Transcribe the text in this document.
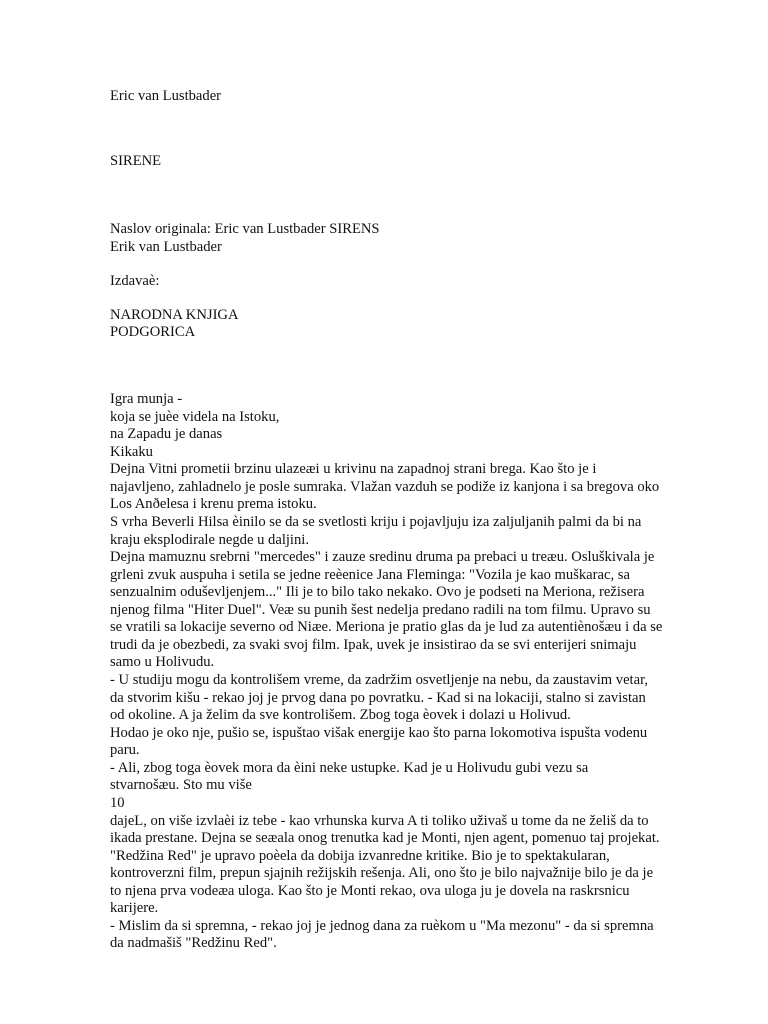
Eric van Lustbader
SIRENE
Naslov originala: Eric van Lustbader SIRENS
Erik van Lustbader
Izdavaè:
NARODNA KNJIGA
PODGORICA
Igra munja -
koja se juèe videla na Istoku,
na Zapadu je danas
Kikaku
Dejna Vitni prometii brzinu ulazeæi u krivinu na zapadnoj strani brega. Kao što je i
najavljeno, zahladnelo je posle sumraka. Vlažan vazduh se podiže iz kanjona i sa bregova oko
Los Anðelesa i krenu prema istoku.
S vrha Beverli Hilsa èinilo se da se svetlosti kriju i pojavljuju iza zaljuljanih palmi da bi na
kraju eksplodirale negde u daljini.
Dejna mamuznu srebrni "mercedes" i zauze sredinu druma pa prebaci u treæu. Osluškivala je
grleni zvuk auspuha i setila se jedne reèenice Jana Fleminga: "Vozila je kao muškarac, sa
senzualnim oduševljenjem..." Ili je to bilo tako nekako. Ovo je podseti na Meriona, režisera
njenog filma "Hiter Duel". Veæ su punih šest nedelja predano radili na tom filmu. Upravo su
se vratili sa lokacije severno od Niæe. Meriona je pratio glas da je lud za autentiènošæu i da se
trudi da je obezbedi, za svaki svoj film. Ipak, uvek je insistirao da se svi enterijeri snimaju
samo u Holivudu.
- U studiju mogu da kontrolišem vreme, da zadržim osvetljenje na nebu, da zaustavim vetar,
da stvorim kišu - rekao joj je prvog dana po povratku. - Kad si na lokaciji, stalno si zavistan
od okoline. A ja želim da sve kontrolišem. Zbog toga èovek i dolazi u Holivud.
Hodao je oko nje, pušio se, ispuštao višak energije kao što parna lokomotiva ispušta vodenu
paru.
- Ali, zbog toga èovek mora da èini neke ustupke. Kad je u Holivudu gubi vezu sa
stvarnošæu. Sto mu više
10
dajeL, on više izvlaèi iz tebe - kao vrhunska kurva A ti toliko uživaš u tome da ne želiš da to
ikada prestane. Dejna se seæala onog trenutka kad je Monti, njen agent, pomenuo taj projekat.
"Redžina Red" je upravo poèela da dobija izvanredne kritike. Bio je to spektakularan,
kontroverzni film, prepun sjajnih režijskih rešenja. Ali, ono što je bilo najvažnije bilo je da je
to njena prva vodeæa uloga. Kao što je Monti rekao, ova uloga ju je dovela na raskrsnicu
karijere.
- Mislim da si spremna, - rekao joj je jednog dana za ruèkom u "Ma mezonu" - da si spremna
da nadmašiš "Redžinu Red".
